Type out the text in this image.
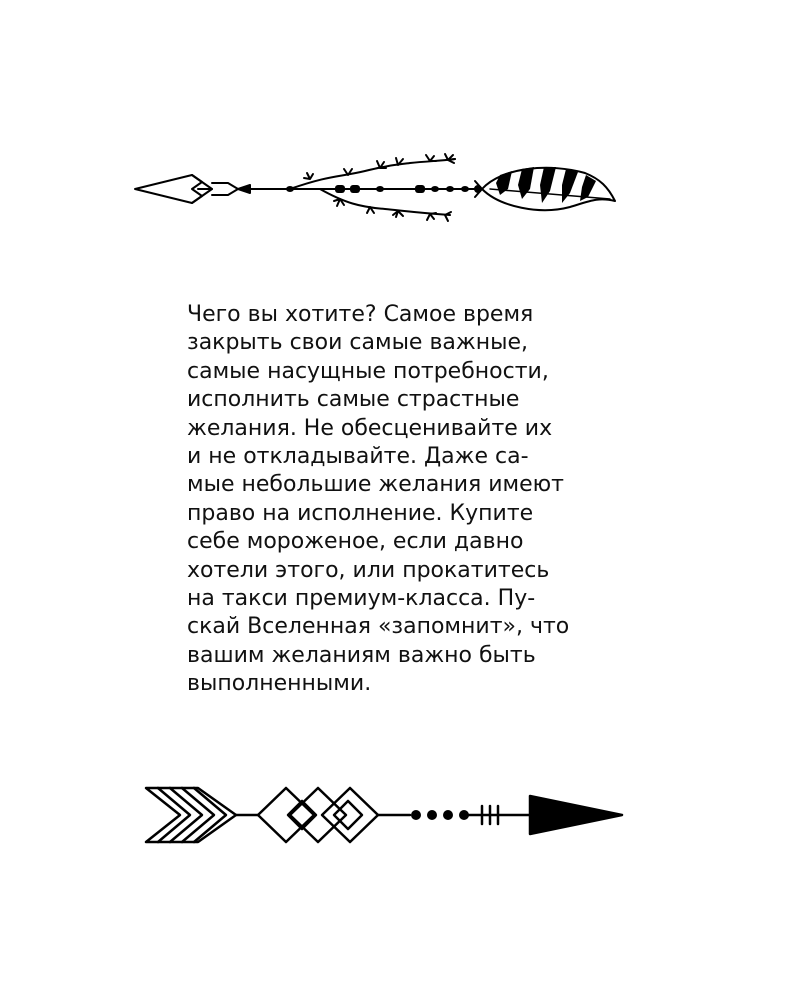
Чего вы хотите? Самое время
закрыть свои самые важные,
самые насущные потребности,
исполнить самые страстные
желания. Не обесценивайте их
и не откладывайте. Даже са-
мые небольшие желания имеют
право на исполнение. Купите
себе мороженое, если давно
хотели этого, или прокатитесь
на такси премиум-класса. Пу-
скай Вселенная «запомнит», что
вашим желаниям важно быть
выполненными.
